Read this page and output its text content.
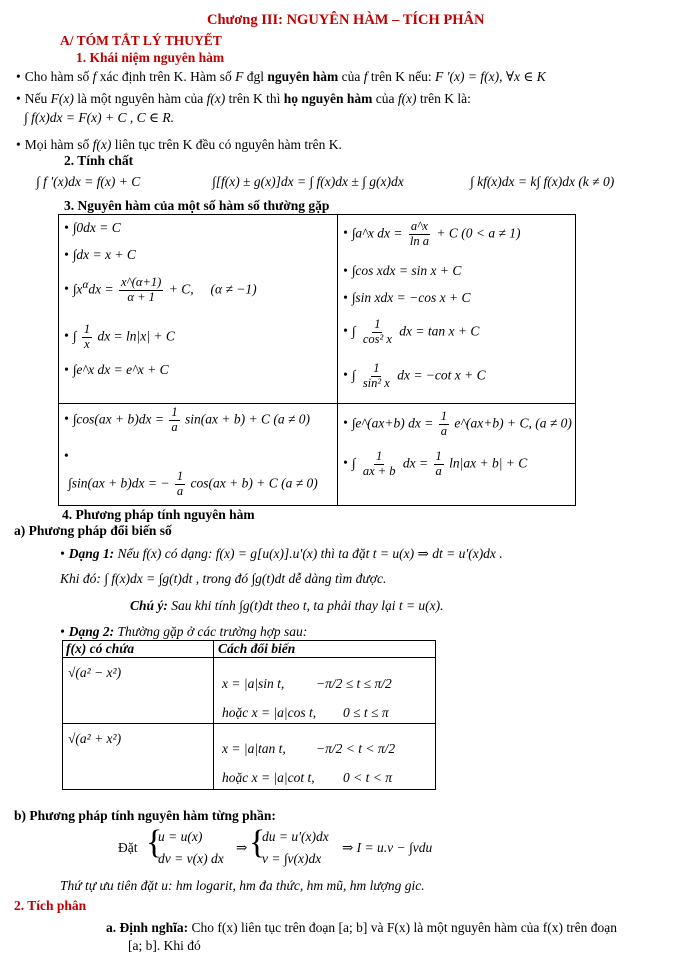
Chương III: NGUYÊN HÀM – TÍCH PHÂN
A/ TÓM TẮT LÝ THUYẾT
1. Khái niệm nguyên hàm
• Cho hàm số f xác định trên K. Hàm số F đgl nguyên hàm của f trên K nếu: F '(x) = f(x), ∀x ∈ K
• Nếu F(x) là một nguyên hàm của f(x) trên K thì họ nguyên hàm của f(x) trên K là:
∫ f(x)dx = F(x) + C , C ∈ R.
• Mọi hàm số f(x) liên tục trên K đều có nguyên hàm trên K.
2. Tính chất
∫ f '(x)dx = f(x) + C	∫[f(x) ± g(x)]dx = ∫ f(x)dx ± ∫ g(x)dx	∫ kf(x)dx = k∫ f(x)dx (k ≠ 0)
3. Nguyên hàm của một số hàm số thường gặp
• ∫0dx = C
• ∫dx = x + C
• $\int x^\alpha dx = \frac{x\^{}(\alpha+1)}{\alpha + 1} + C$, (α ≠ −1)
• ∫ $\frac{1}{x}$ dx = ln|x| + C
• ∫e^x dx = e^x + C
• ∫a^x dx = $\frac{a\^{}x}{\text{ln a}} + C$ (0 < a ≠ 1)
• ∫cos xdx = sin x + C
• ∫sin xdx = −cos x + C
• ∫ $\frac{1}{\text{cos² x}}$ dx = tan x + C
• ∫ $\frac{1}{\text{sin² x}}$ dx = −cot x + C
• $\int\cos(ax + b)dx = \frac{1}{a} \sin(ax + b) + C$ (a ≠ 0)
•
∫sin(ax + b)dx = − $\frac{1}{a} \cos(ax + b) + C$ (a ≠ 0)
• ∫e^(ax+b) dx = $\frac{1}{a}$ e^(ax+b) + C, (a ≠ 0)
• ∫ $\frac{1}{ax + b}$ dx = $\frac{1}{a} \ln|ax + b| + C$
4. Phương pháp tính nguyên hàm
a) Phương pháp đổi biến số
• Dạng 1: Nếu f(x) có dạng: f(x) = g[u(x)].u'(x) thì ta đặt t = u(x) ⇒ dt = u'(x)dx .
Khi đó: ∫ f(x)dx = ∫g(t)dt , trong đó ∫g(t)dt dễ dàng tìm được.
Chú ý: Sau khi tính ∫g(t)dt theo t, ta phải thay lại t = u(x).
• Dạng 2: Thường gặp ở các trường hợp sau:
f(x) có chứa	Cách đổi biến
√(a² − x²)
x = |a|sin t, −π/2 ≤ t ≤ π/2
hoặc x = |a|cos t, 0 ≤ t ≤ π
√(a² + x²)
x = |a|tan t, −π/2 < t < π/2
hoặc x = |a|cot t, 0 < t < π
b) Phương pháp tính nguyên hàm từng phần:
Đặt {
u = u(x)
dv = v(x) dx
⇒ {
du = u'(x)dx
v = ∫v(x)dx
⇒ I = u.v − ∫vdu
Thứ tự ưu tiên đặt u: hm logarit, hm đa thức, hm mũ, hm lượng gic.
2. Tích phân
a. Định nghĩa: Cho f(x) liên tục trên đoạn [a; b] và F(x) là một nguyên hàm của f(x) trên đoạn
[a; b]. Khi đó
